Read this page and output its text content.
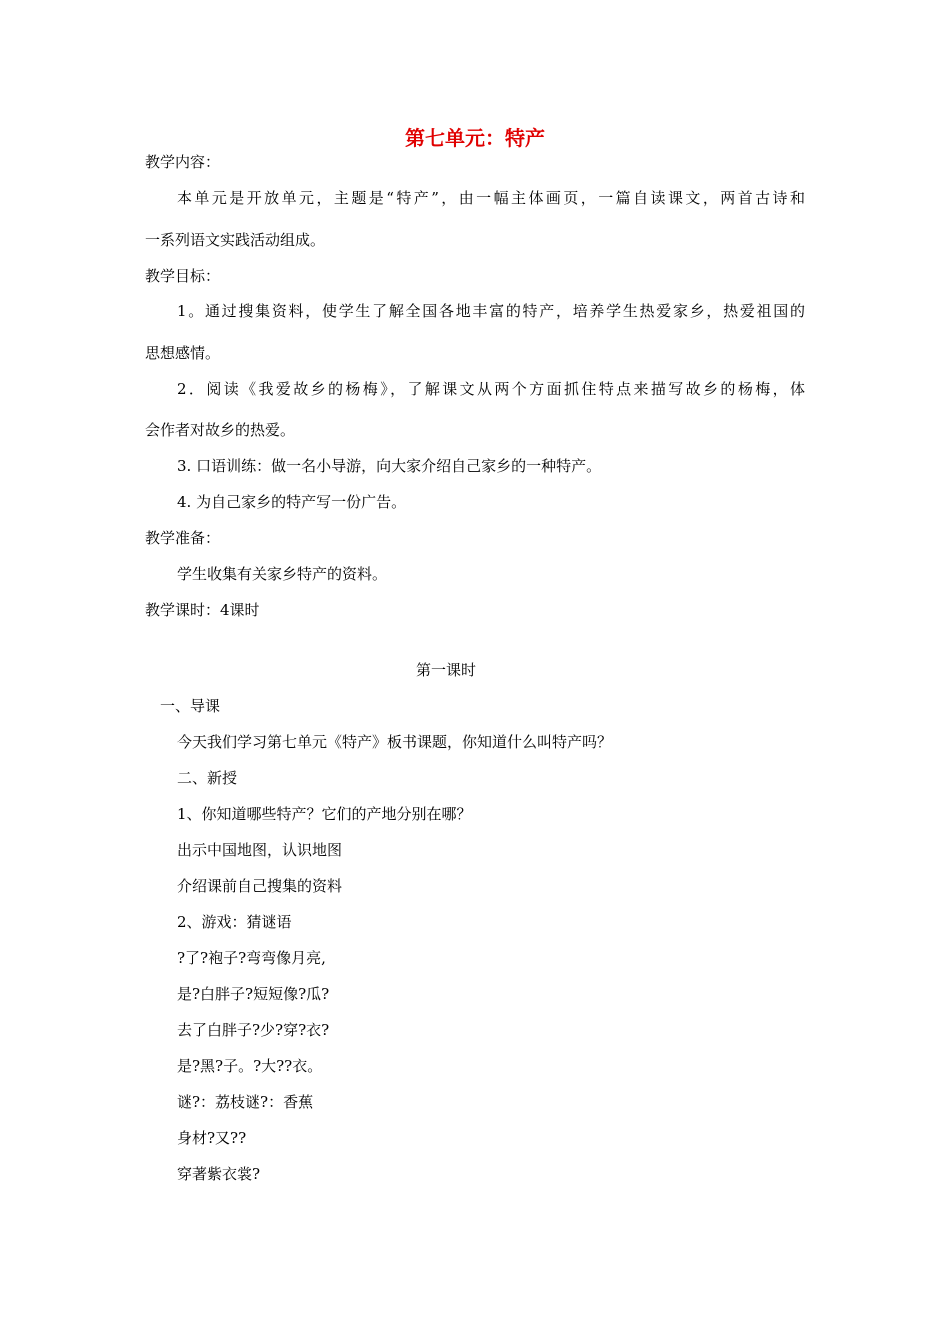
第七单元：特产
教学内容：
本单元是开放单元，主题是“特产”，由一幅主体画页，一篇自读课文，两首古诗和
一系列语文实践活动组成。
教学目标：
1。通过搜集资料，使学生了解全国各地丰富的特产，培养学生热爱家乡，热爱祖国的
思想感情。
2．阅读《我爱故乡的杨梅》，了解课文从两个方面抓住特点来描写故乡的杨梅，体
会作者对故乡的热爱。
3. 口语训练：做一名小导游，向大家介绍自己家乡的一种特产。
4. 为自己家乡的特产写一份广告。
教学准备：
学生收集有关家乡特产的资料。
教学课时：4课时
第一课时
一、导课
今天我们学习第七单元《特产》板书课题，你知道什么叫特产吗？
二、新授
1、你知道哪些特产？它们的产地分别在哪？
出示中国地图，认识地图
介绍课前自己搜集的资料
2、游戏：猜谜语
?了?袍子?弯弯像月亮,
是?白胖子?短短像?瓜?
去了白胖子?少?穿?衣?
是?黑?子。?大??衣。
谜?：荔枝谜?：香蕉
身材?又??
穿著紫衣裳?
